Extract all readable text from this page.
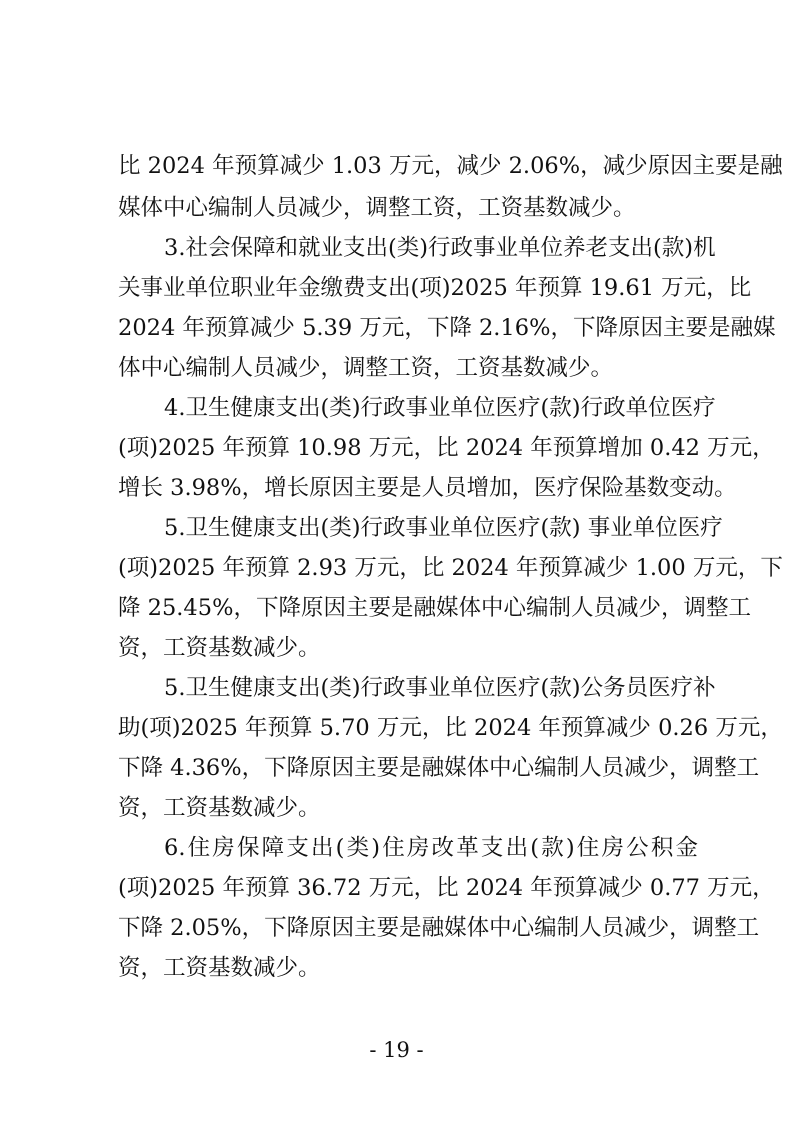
比 2024 年预算减少 1.03 万元，减少 2.06%，减少原因主要是融
媒体中心编制人员减少，调整工资，工资基数减少。
3.社会保障和就业支出(类)行政事业单位养老支出(款)机
关事业单位职业年金缴费支出(项)2025 年预算 19.61 万元，比
2024 年预算减少 5.39 万元，下降 2.16%，下降原因主要是融媒
体中心编制人员减少，调整工资，工资基数减少。
4.卫生健康支出(类)行政事业单位医疗(款)行政单位医疗
(项)2025 年预算 10.98 万元，比 2024 年预算增加 0.42 万元，
增长 3.98%，增长原因主要是人员增加，医疗保险基数变动。
5.卫生健康支出(类)行政事业单位医疗(款) 事业单位医疗
(项)2025 年预算 2.93 万元，比 2024 年预算减少 1.00 万元，下
降 25.45%，下降原因主要是融媒体中心编制人员减少，调整工
资，工资基数减少。
5.卫生健康支出(类)行政事业单位医疗(款)公务员医疗补
助(项)2025 年预算 5.70 万元，比 2024 年预算减少 0.26 万元，
下降 4.36%，下降原因主要是融媒体中心编制人员减少，调整工
资，工资基数减少。
6.住房保障支出(类)住房改革支出(款)住房公积金
(项)2025 年预算 36.72 万元，比 2024 年预算减少 0.77 万元，
下降 2.05%，下降原因主要是融媒体中心编制人员减少，调整工
资，工资基数减少。
- 19 -
